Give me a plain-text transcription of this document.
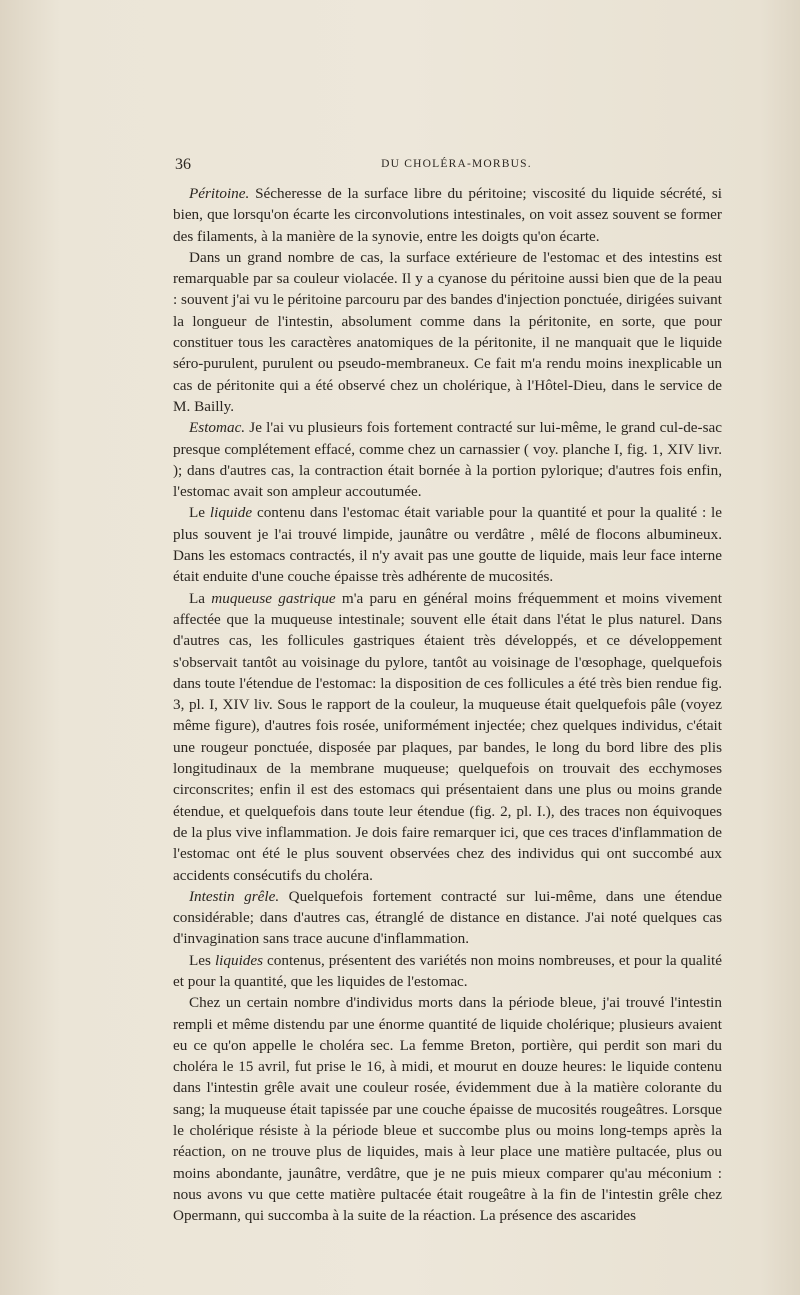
36	DU CHOLÉRA-MORBUS.

Péritoine. Sécheresse de la surface libre du péritoine; viscosité du liquide sécrété, si bien, que lorsqu'on écarte les circonvolutions intestinales, on voit assez souvent se former des filaments, à la manière de la synovie, entre les doigts qu'on écarte.

Dans un grand nombre de cas, la surface extérieure de l'estomac et des intestins est remarquable par sa couleur violacée. Il y a cyanose du péritoine aussi bien que de la peau : souvent j'ai vu le péritoine parcouru par des bandes d'injection ponctuée, dirigées suivant la longueur de l'intestin, absolument comme dans la péritonite, en sorte, que pour constituer tous les caractères anatomiques de la péritonite, il ne manquait que le liquide séro-purulent, purulent ou pseudo-membraneux. Ce fait m'a rendu moins inexplicable un cas de péritonite qui a été observé chez un cholérique, à l'Hôtel-Dieu, dans le service de M. Bailly.

Estomac. Je l'ai vu plusieurs fois fortement contracté sur lui-même, le grand cul-de-sac presque complétement effacé, comme chez un carnassier ( voy. planche I, fig. 1, XIV livr. ); dans d'autres cas, la contraction était bornée à la portion pylorique; d'autres fois enfin, l'estomac avait son ampleur accoutumée.

Le liquide contenu dans l'estomac était variable pour la quantité et pour la qualité : le plus souvent je l'ai trouvé limpide, jaunâtre ou verdâtre , mêlé de flocons albumineux. Dans les estomacs contractés, il n'y avait pas une goutte de liquide, mais leur face interne était enduite d'une couche épaisse très adhérente de mucosités.

La muqueuse gastrique m'a paru en général moins fréquemment et moins vivement affectée que la muqueuse intestinale; souvent elle était dans l'état le plus naturel. Dans d'autres cas, les follicules gastriques étaient très développés, et ce développement s'observait tantôt au voisinage du pylore, tantôt au voisinage de l'œsophage, quelquefois dans toute l'étendue de l'estomac: la disposition de ces follicules a été très bien rendue fig. 3, pl. I, XIV liv. Sous le rapport de la couleur, la muqueuse était quelquefois pâle (voyez même figure), d'autres fois rosée, uniformément injectée; chez quelques individus, c'était une rougeur ponctuée, disposée par plaques, par bandes, le long du bord libre des plis longitudinaux de la membrane muqueuse; quelquefois on trouvait des ecchymoses circonscrites; enfin il est des estomacs qui présentaient dans une plus ou moins grande étendue, et quelquefois dans toute leur étendue (fig. 2, pl. I.), des traces non équivoques de la plus vive inflammation. Je dois faire remarquer ici, que ces traces d'inflammation de l'estomac ont été le plus souvent observées chez des individus qui ont succombé aux accidents consécutifs du choléra.

Intestin grêle. Quelquefois fortement contracté sur lui-même, dans une étendue considérable; dans d'autres cas, étranglé de distance en distance. J'ai noté quelques cas d'invagination sans trace aucune d'inflammation.

Les liquides contenus, présentent des variétés non moins nombreuses, et pour la qualité et pour la quantité, que les liquides de l'estomac.

Chez un certain nombre d'individus morts dans la période bleue, j'ai trouvé l'intestin rempli et même distendu par une énorme quantité de liquide cholérique; plusieurs avaient eu ce qu'on appelle le choléra sec. La femme Breton, portière, qui perdit son mari du choléra le 15 avril, fut prise le 16, à midi, et mourut en douze heures: le liquide contenu dans l'intestin grêle avait une couleur rosée, évidemment due à la matière colorante du sang; la muqueuse était tapissée par une couche épaisse de mucosités rougeâtres. Lorsque le cholérique résiste à la période bleue et succombe plus ou moins long-temps après la réaction, on ne trouve plus de liquides, mais à leur place une matière pultacée, plus ou moins abondante, jaunâtre, verdâtre, que je ne puis mieux comparer qu'au méconium : nous avons vu que cette matière pultacée était rougeâtre à la fin de l'intestin grêle chez Opermann, qui succomba à la suite de la réaction. La présence des ascarides
